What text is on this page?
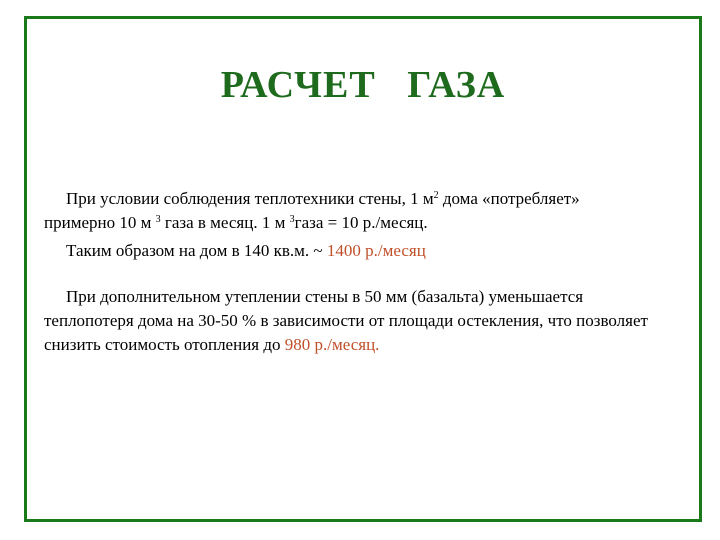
РАСЧЕТ   ГАЗА

При условии соблюдения теплотехники стены, 1 $м^2$ дома «потребляет» примерно 10 м $^3$ газа в месяц. 1 м $^3$газа = 10 р./месяц.

Таким образом на дом в 140 кв.м. ~ 1400 р./месяц

При дополнительном утеплении стены в 50 мм (базальта) уменьшается теплопотеря дома на 30-50 % в зависимости от площади остекления, что позволяет снизить стоимость отопления до 980 р./месяц.
